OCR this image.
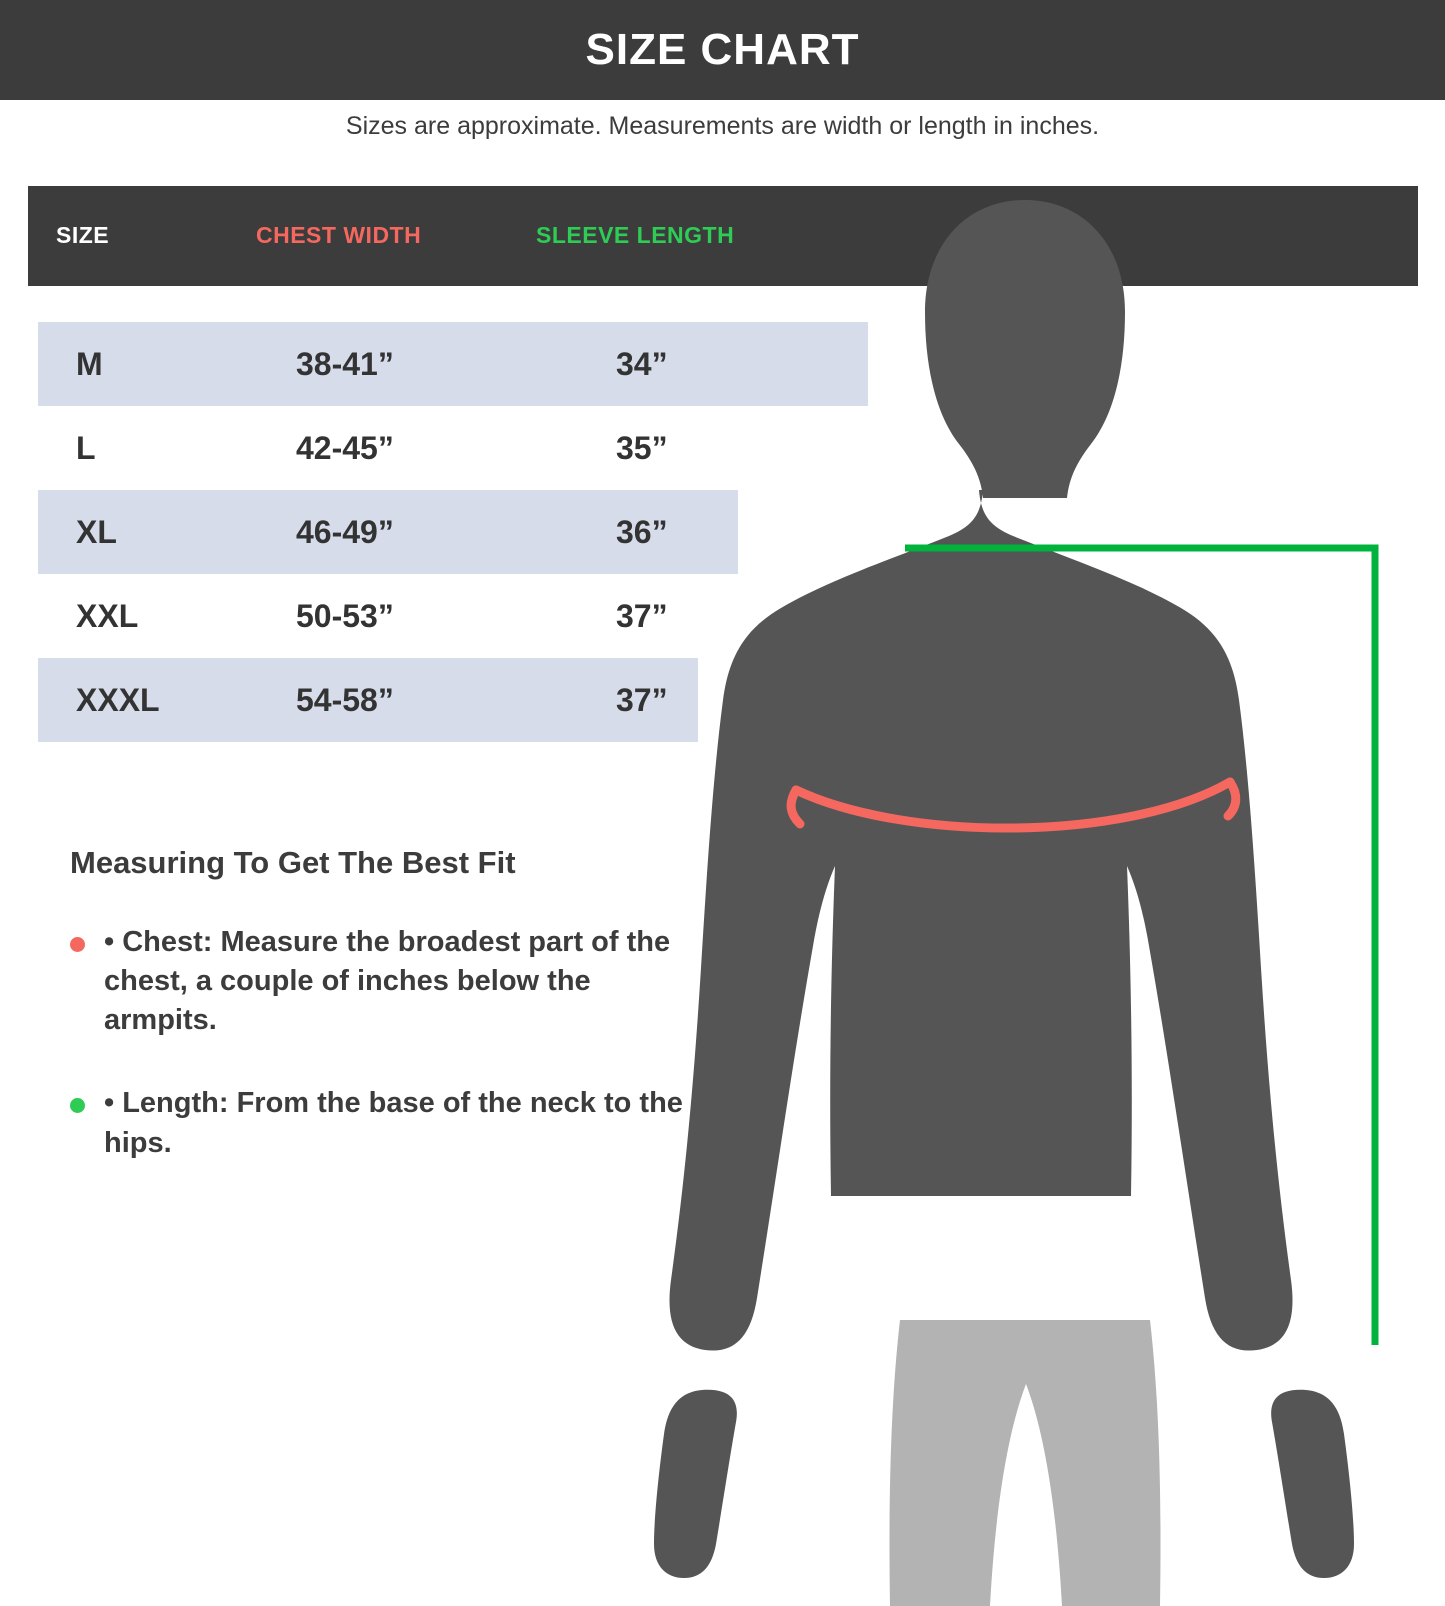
SIZE CHART
Sizes are approximate. Measurements are width or length in inches.
SIZE	CHEST WIDTH	SLEEVE LENGTH
M	38-41”	34”
L	42-45”	35”
XL	46-49”	36”
XXL	50-53”	37”
XXXL	54-58”	37”
Measuring To Get The Best Fit
• Chest: Measure the broadest part of the chest, a couple of inches below the armpits.
• Length: From the base of the neck to the hips.
